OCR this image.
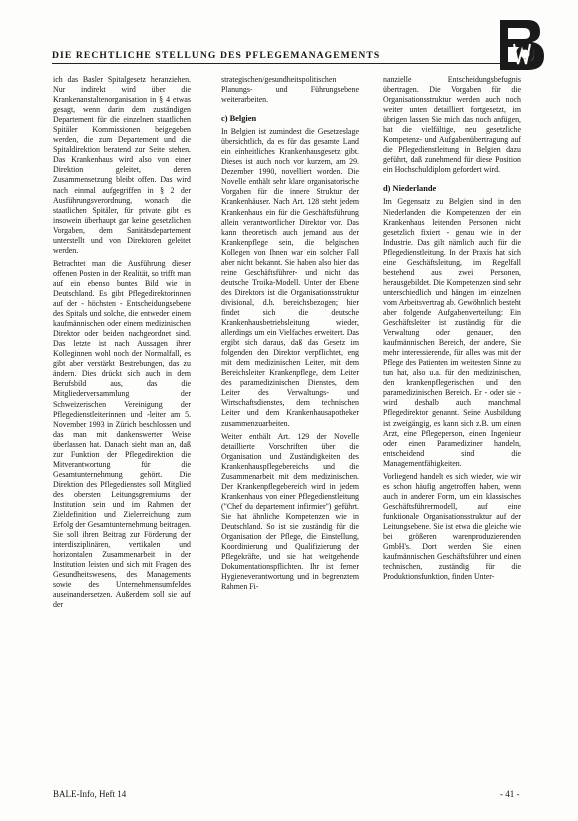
DIE RECHTLICHE STELLUNG DES PFLEGEMANAGEMENTS

ich das Basler Spitalgesetz heranziehen. Nur indirekt wird über die Krankenanstaltenorganisation in § 4 etwas gesagt, wenn darin dem zuständigen Departement für die einzelnen staatlichen Spitäler Kommissionen beigegeben werden, die zum Departement und die Spitaldirektion beratend zur Seite stehen. Das Krankenhaus wird also von einer Direktion geleitet, deren Zusammensetzung bleibt offen. Das wird nach einmal aufgegriffen in § 2 der Ausführungsverordnung, wonach die staatlichen Spitäler, für private gibt es insowein überhaupt gar keine gesetzlichen Vorgaben, dem Sanitätsdepartement unterstellt und von Direktoren geleitet werden.

Betrachtet man die Ausführung dieser offenen Posten in der Realität, so trifft man auf ein ebenso buntes Bild wie in Deutschland. Es gibt Pflegedirektorinnen auf der - höchsten - Entscheidungsebene des Spitals und solche, die entweder einem kaufmännischen oder einem medizinischen Direktor oder beiden nachgeordnet sind. Das letzte ist nach Aussagen ihrer Kolleginnen wohl noch der Normalfall, es gibt aber verstärkt Bestrebungen, das zu ändern. Dies drückt sich auch in dem Berufsbild aus, das die Mitgliederversammlung der Schweizerischen Vereinigung der Pflegedienstleiterinnen und -leiter am 5. November 1993 in Zürich beschlossen und das man mit dankenswerter Weise überlassen hat. Danach sieht man an, daß zur Funktion der Pflegedirektion die Mitverantwortung für die Gesamtunternehmung gehört. Die Direktion des Pflegedienstes soll Mitglied des obersten Leitungsgremiums der Institution sein und im Rahmen der Zieldefinition und Zielerreichung zum Erfolg der Gesamtunternehmung beitragen. Sie soll ihren Beitrag zur Förderung der interdisziplinären, vertikalen und horizontalen Zusammenarbeit in der Institution leisten und sich mit Fragen des Gesundheitswesens, des Managements sowie des Unternehmensumfeldes auseinandersetzen. Außerdem soll sie auf der

strategischen/gesundheitspolitischen Planungs- und Führungsebene weiterarbeiten.

c) Belgien

In Belgien ist zumindest die Gesetzeslage übersichtlich, da es für das gesamte Land ein einheitliches Krankenhausgesetz gibt. Dieses ist auch noch vor kurzem, am 29. Dezember 1990, novelliert worden. Die Novelle enthält sehr klare organisatorische Vorgaben für die innere Struktur der Krankenhäuser. Nach Art. 128 steht jedem Krankenhaus ein für die Geschäftsführung allein verantwortlicher Direktor vor. Das kann theoretisch auch jemand aus der Krankenpflege sein, die belgischen Kollegen von Ihnen war ein solcher Fall aber nicht bekannt. Sie haben also hier das reine Geschäftsführer- und nicht das deutsche Troika-Modell. Unter der Ebene des Direktors ist die Organisationsstruktur divisional, d.h. bereichsbezogen; hier findet sich die deutsche Krankenhausbetriebsleitung wieder, allerdings um ein Vielfaches erweitert. Das ergibt sich daraus, daß das Gesetz im folgenden den Direktor verpflichtet, eng mit dem medizinischen Leiter, mit dem Bereichsleiter Krankenpflege, dem Leiter des paramedizinischen Dienstes, dem Leiter des Verwaltungs- und Wirtschaftsdienstes, dem technischen Leiter und dem Krankenhausapotheker zusammenzuarbeiten.

Weiter enthält Art. 129 der Novelle detaillierte Vorschriften über die Organisation und Zuständigkeiten des Krankenhauspflegebereichs und die Zusammenarbeit mit dem medizinischen. Der Krankenpflegebereich wird in jedem Krankenhaus von einer Pflegedienstleitung ("Chef du departement infirmier") geführt. Sie hat ähnliche Kompetenzen wie in Deutschland. So ist sie zuständig für die Organisation der Pflege, die Einstellung, Koordinierung und Qualifizierung der Pflegekräfte, und sie hat weitgehende Dokumentationspflichten. Ihr ist ferner Hygieneverantwortung und in begrenztem Rahmen Fi-

nanzielle Entscheidungsbefugnis übertragen. Die Vorgaben für die Organisationsstruktur werden auch noch weiter unten detailliert fortgesetzt, im übrigen lassen Sie mich das noch anfügen, hat die vielfältige, neu gesetzliche Kompetenz- und Aufgabenübertragung auf die Pflegedienstleitung in Belgien dazu geführt, daß zunehmend für diese Position ein Hochschuldiplom gefordert wird.

d) Niederlande

Im Gegensatz zu Belgien sind in den Niederlanden die Kompetenzen der ein Krankenhaus leitenden Personen nicht gesetzlich fixiert - genau wie in der Industrie. Das gilt nämlich auch für die Pflegedienstleitung. In der Praxis hat sich eine Geschäftsleitung, im Regelfall bestehend aus zwei Personen, herausgebildet. Die Kompetenzen sind sehr unterschiedlich und hängen im einzelnen vom Arbeitsvertrag ab. Gewöhnlich besteht aber folgende Aufgabenverteilung: Ein Geschäftsleiter ist zuständig für die Verwaltung oder genauer, den kaufmännischen Bereich, der andere, Sie mehr interessierende, für alles was mit der Pflege des Patienten im weitesten Sinne zu tun hat, also u.a. für den medizinischen, den krankenpflegerischen und den paramedizinischen Bereich. Er - oder sie - wird deshalb auch manchmal Pflegedirektor genannt. Seine Ausbildung ist zweigängig, es kann sich z.B. um einen Arzt, eine Pflegeperson, einen Ingenieur oder einen Paramediziner handeln, entscheidend sind die Managementfähigkeiten.

Vorliegend handelt es sich wieder, wie wir es schon häufig angetroffen haben, wenn auch in anderer Form, um ein klassisches Geschäftsführermodell, auf eine funktionale Organisationsstruktur auf der Leitungsebene. Sie ist etwa die gleiche wie bei größeren warenproduzierenden GmbH's. Dort werden Sie einen kaufmännischen Geschäftsführer und einen technischen, zuständig für die Produktionsfunktion, finden Unter-

BALE-Info, Heft 14	- 41 -
